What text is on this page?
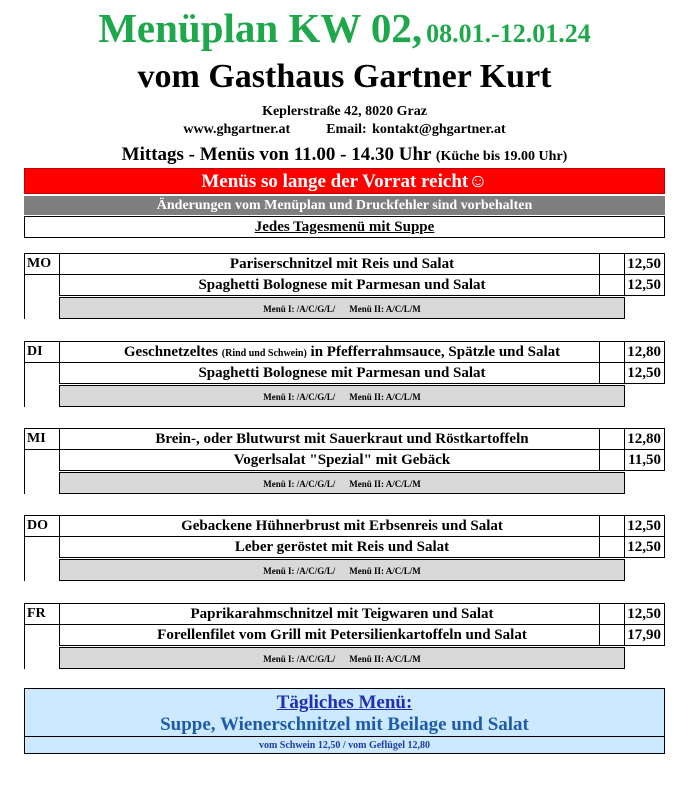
Menüplan KW 02, 08.01.-12.01.24
vom Gasthaus Gartner Kurt
Keplerstraße 42, 8020 Graz
www.ghgartner.at	Email: kontakt@ghgartner.at
Mittags - Menüs von 11.00 - 14.30 Uhr (Küche bis 19.00 Uhr)
Menüs so lange der Vorrat reicht☺
Änderungen vom Menüplan und Druckfehler sind vorbehalten
Jedes Tagesmenü mit Suppe
MO	Pariserschnitzel mit Reis und Salat	12,50
Spaghetti Bolognese mit Parmesan und Salat	12,50
Menü I: /A/C/G/L/ Menü II: A/C/L/M
DI	Geschnetzeltes (Rind und Schwein) in Pfefferrahmsauce, Spätzle und Salat	12,80
Spaghetti Bolognese mit Parmesan und Salat	12,50
Menü I: /A/C/G/L/ Menü II: A/C/L/M
MI	Brein-, oder Blutwurst mit Sauerkraut und Röstkartoffeln	12,80
Vogerlsalat "Spezial" mit Gebäck	11,50
Menü I: /A/C/G/L/ Menü II: A/C/L/M
DO	Gebackene Hühnerbrust mit Erbsenreis und Salat	12,50
Leber geröstet mit Reis und Salat	12,50
Menü I: /A/C/G/L/ Menü II: A/C/L/M
FR	Paprikarahmschnitzel mit Teigwaren und Salat	12,50
Forellenfilet vom Grill mit Petersilienkartoffeln und Salat	17,90
Menü I: /A/C/G/L/ Menü II: A/C/L/M
Tägliches Menü:
Suppe, Wienerschnitzel mit Beilage und Salat
vom Schwein 12,50 / vom Geflügel 12,80
